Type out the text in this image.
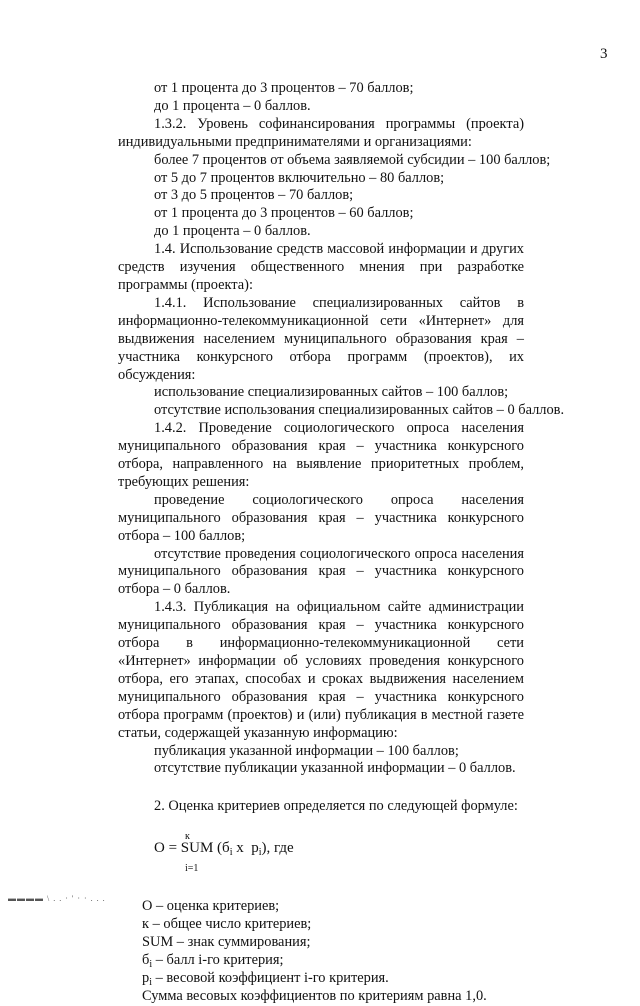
3

от 1 процента до 3 процентов – 70 баллов;

до 1 процента – 0 баллов.

1.3.2. Уровень софинансирования программы (проекта) индивидуальными предпринимателями и организациями:

более 7 процентов от объема заявляемой субсидии – 100 баллов;

от 5 до 7 процентов включительно – 80 баллов;

от 3 до 5 процентов – 70 баллов;

от 1 процента до 3 процентов – 60 баллов;

до 1 процента – 0 баллов.

1.4. Использование средств массовой информации и других средств изучения общественного мнения при разработке программы (проекта):

1.4.1. Использование специализированных сайтов в информационно-телекоммуникационной сети «Интернет» для выдвижения населением муниципального образования края – участника конкурсного отбора программ (проектов), их обсуждения:

использование специализированных сайтов – 100 баллов;

отсутствие использования специализированных сайтов – 0 баллов.

1.4.2. Проведение социологического опроса населения муниципального образования края – участника конкурсного отбора, направленного на выявление приоритетных проблем, требующих решения:

проведение социологического опроса населения муниципального образования края – участника конкурсного отбора – 100 баллов;

отсутствие проведения социологического опроса населения муниципального образования края – участника конкурсного отбора – 0 баллов.

1.4.3. Публикация на официальном сайте администрации муниципального образования края – участника конкурсного отбора в информационно-телекоммуникационной сети «Интернет» информации об условиях проведения конкурсного отбора, его этапах, способах и сроках выдвижения населением муниципального образования края – участника конкурсного отбора программ (проектов) и (или) публикация в местной газете статьи, содержащей указанную информацию:

публикация указанной информации – 100 баллов;

отсутствие публикации указанной информации – 0 баллов.

2. Оценка критериев определяется по следующей формуле:

к
О = SUM ($б_i$ х  $p_i$), где
i=1

О – оценка критериев;

к – общее число критериев;

SUM – знак суммирования;

$б_i$ – балл i-го критерия;

$p_i$ – весовой коэффициент i-го критерия.

Сумма весовых коэффициентов по критериям равна 1,0.

▬▬▬▬ \ . . · ' · · . . .
